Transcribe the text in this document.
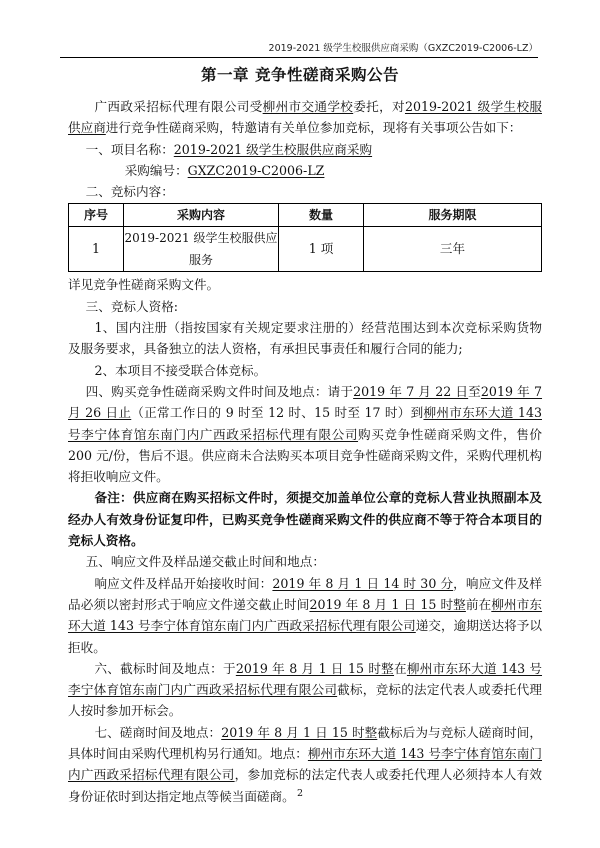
2019-2021 级学生校服供应商采购（GXZC2019-C2006-LZ）
第一章 竞争性磋商采购公告

广西政采招标代理有限公司受柳州市交通学校委托，对2019-2021 级学生校服供应商进行竞争性磋商采购，特邀请有关单位参加竞标，现将有关事项公告如下：

一、项目名称：2019-2021 级学生校服供应商采购

采购编号：GXZC2019-C2006-LZ

二、竞标内容：

序号	采购内容	数量	服务期限
1	2019-2021 级学生校服供应服务	1 项	三年

详见竞争性磋商采购文件。

三、竞标人资格:

1、国内注册（指按国家有关规定要求注册的）经营范围达到本次竞标采购货物及服务要求，具备独立的法人资格，有承担民事责任和履行合同的能力;

2、本项目不接受联合体竞标。

四、购买竞争性磋商采购文件时间及地点：请于2019 年 7 月 22 日至2019 年 7 月 26 日止（正常工作日的 9 时至 12 时、15 时至 17 时）到柳州市东环大道 143 号李宁体育馆东南门内广西政采招标代理有限公司购买竞争性磋商采购文件，售价 200 元/份，售后不退。供应商未合法购买本项目竞争性磋商采购文件，采购代理机构将拒收响应文件。

备注：供应商在购买招标文件时，须提交加盖单位公章的竞标人营业执照副本及经办人有效身份证复印件，已购买竞争性磋商采购文件的供应商不等于符合本项目的竞标人资格。

五、响应文件及样品递交截止时间和地点：

响应文件及样品开始接收时间：2019 年 8 月 1 日 14 时 30 分，响应文件及样品必须以密封形式于响应文件递交截止时间2019 年 8 月 1 日 15 时整前在柳州市东环大道 143 号李宁体育馆东南门内广西政采招标代理有限公司递交，逾期送达将予以拒收。

六、截标时间及地点：于2019 年 8 月 1 日 15 时整在柳州市东环大道 143 号李宁体育馆东南门内广西政采招标代理有限公司截标，竞标的法定代表人或委托代理人按时参加开标会。

七、磋商时间及地点：2019 年 8 月 1 日 15 时整截标后为与竞标人磋商时间，具体时间由采购代理机构另行通知。地点：柳州市东环大道 143 号李宁体育馆东南门内广西政采招标代理有限公司，参加竞标的法定代表人或委托代理人必须持本人有效身份证依时到达指定地点等候当面磋商。 2
